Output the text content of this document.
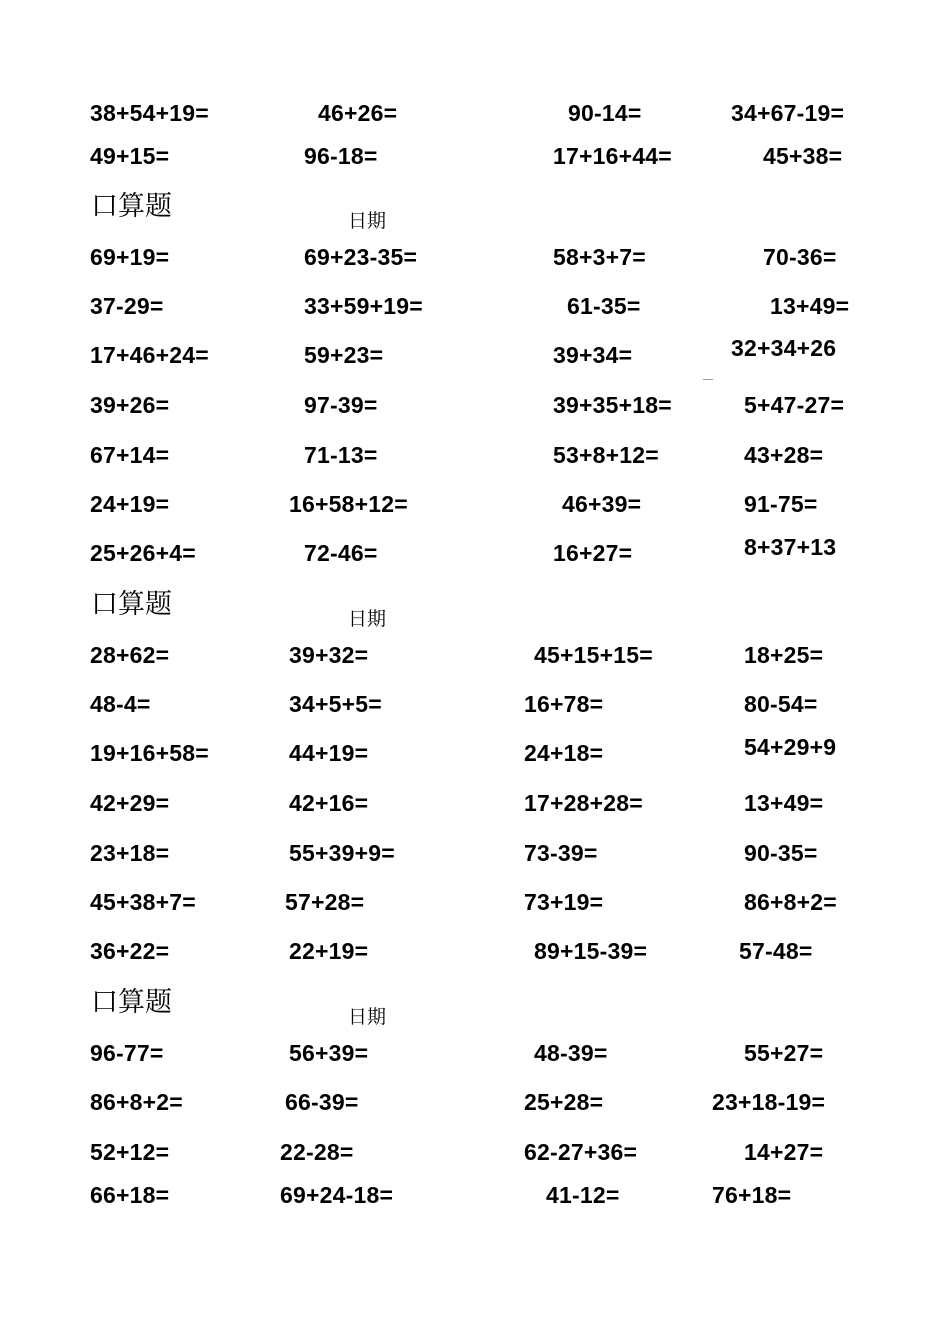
38+54+19=	46+26=	90-14=	34+67-19=
49+15=	96-18=	17+16+44=	45+38=
口算题	日期
69+19=	69+23-35=	58+3+7=	70-36=
37-29=	33+59+19=	61-35=	13+49=
17+46+24=	59+23=	39+34=	32+34+26
39+26=	97-39=	39+35+18=	5+47-27=
67+14=	71-13=	53+8+12=	43+28=
24+19=	16+58+12=	46+39=	91-75=
25+26+4=	72-46=	16+27=	8+37+13
口算题	日期
28+62=	39+32=	45+15+15=	18+25=
48-4=	34+5+5=	16+78=	80-54=
19+16+58=	44+19=	24+18=	54+29+9
42+29=	42+16=	17+28+28=	13+49=
23+18=	55+39+9=	73-39=	90-35=
45+38+7=	57+28=	73+19=	86+8+2=
36+22=	22+19=	89+15-39=	57-48=
口算题	日期
96-77=	56+39=	48-39=	55+27=
86+8+2=	66-39=	25+28=	23+18-19=
52+12=	22-28=	62-27+36=	14+27=
66+18=	69+24-18=	41-12=	76+18=
